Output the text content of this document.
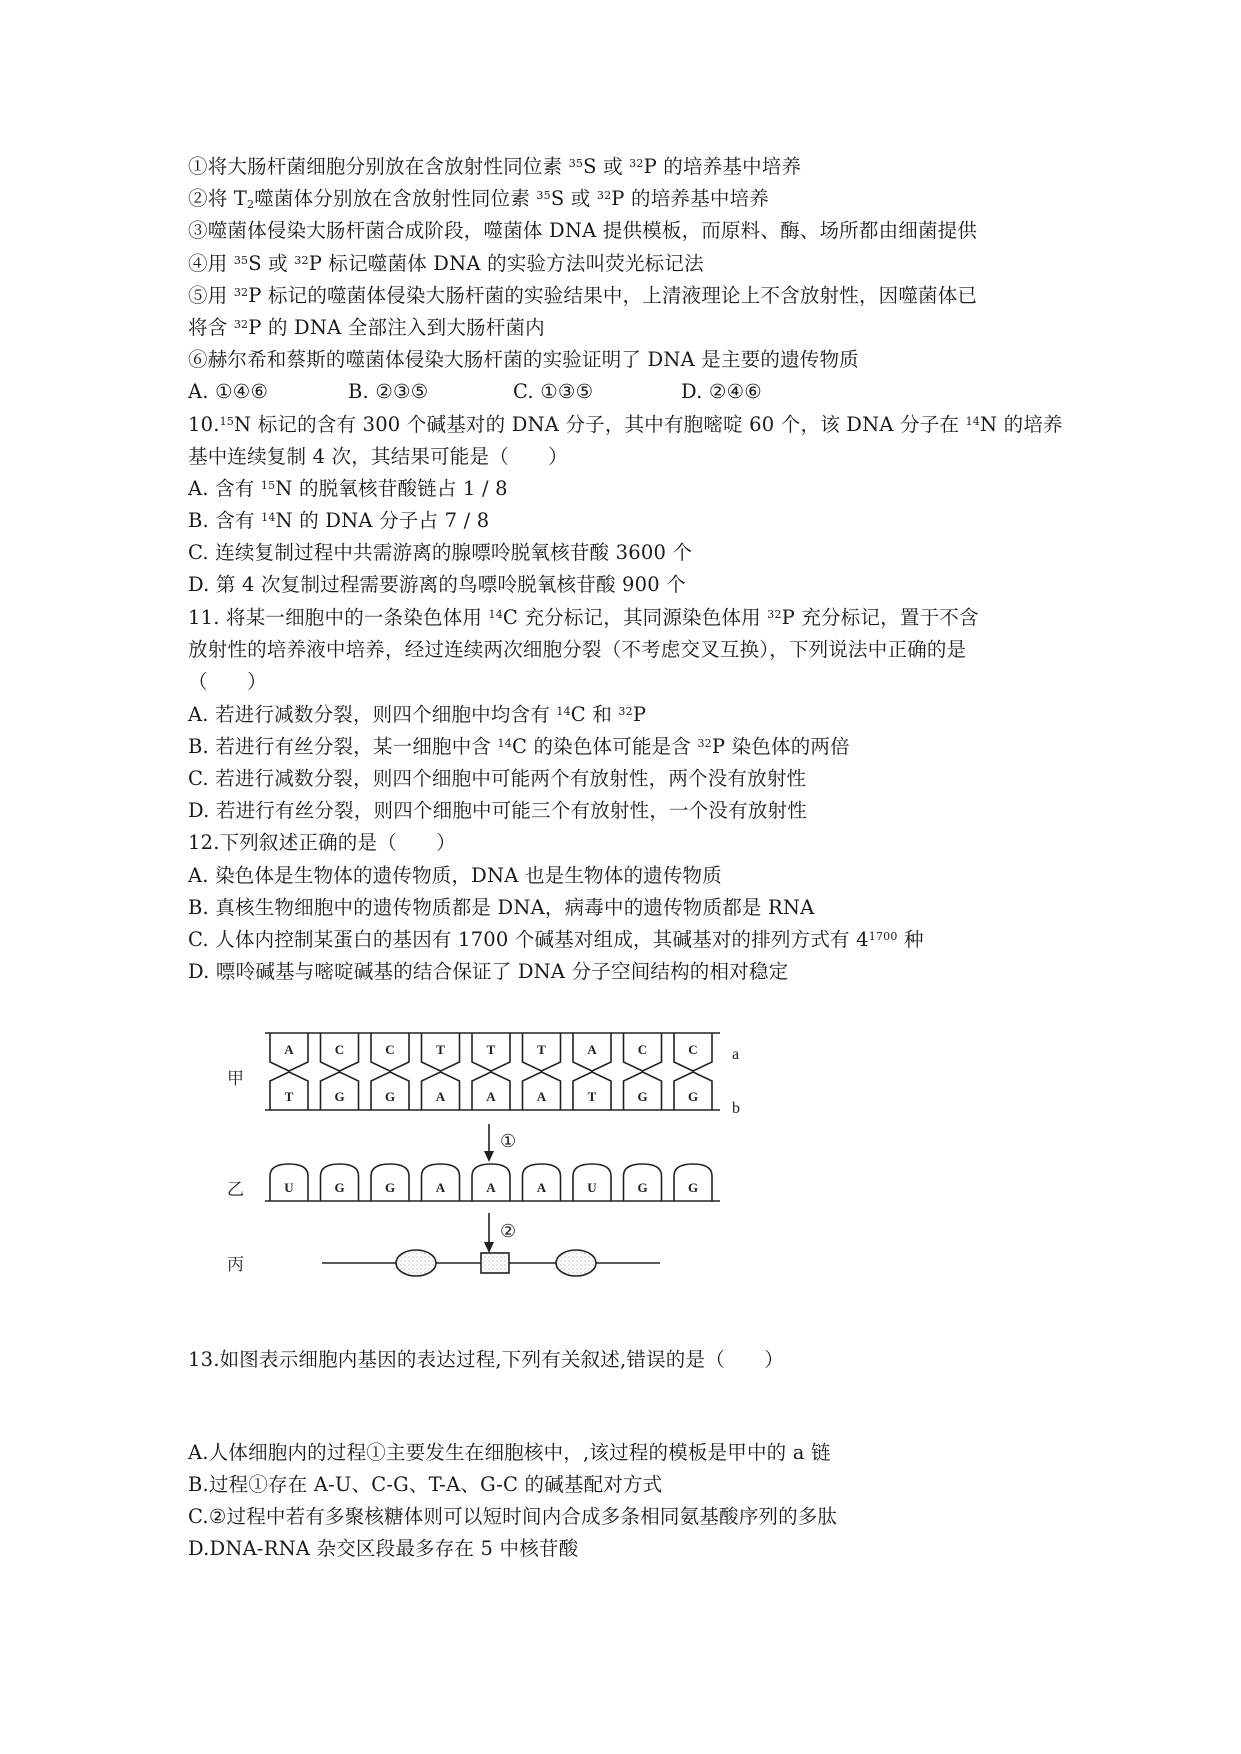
①将大肠杆菌细胞分别放在含放射性同位素 $^{35}$S 或 $^{32}$P 的培养基中培养
②将 $T_2$噬菌体分别放在含放射性同位素 $^{35}$S 或 $^{32}$P 的培养基中培养
③噬菌体侵染大肠杆菌合成阶段，噬菌体 DNA 提供模板，而原料、酶、场所都由细菌提供
④用 $^{35}$S 或 $^{32}$P 标记噬菌体 DNA 的实验方法叫荧光标记法
⑤用 $^{32}$P 标记的噬菌体侵染大肠杆菌的实验结果中，上清液理论上不含放射性，因噬菌体已
将含 $^{32}$P 的 DNA 全部注入到大肠杆菌内
⑥赫尔希和蔡斯的噬菌体侵染大肠杆菌的实验证明了 DNA 是主要的遗传物质
A. ①④⑥	B. ②③⑤	C. ①③⑤	D. ②④⑥
10.15N 标记的含有 300 个碱基对的 DNA 分子，其中有胞嘧啶 60 个，该 DNA 分子在 $^{14}$N 的培养
基中连续复制 4 次，其结果可能是（　　）
A. 含有 $^{15}$N 的脱氧核苷酸链占 1 / 8
B. 含有 $^{14}$N 的 DNA 分子占 7 / 8
C. 连续复制过程中共需游离的腺嘌呤脱氧核苷酸 3600 个
D. 第 4 次复制过程需要游离的鸟嘌呤脱氧核苷酸 900 个
11. 将某一细胞中的一条染色体用 $^{14}$C 充分标记，其同源染色体用 $^{32}$P 充分标记，置于不含
放射性的培养液中培养，经过连续两次细胞分裂（不考虑交叉互换），下列说法中正确的是
（　　）
A. 若进行减数分裂，则四个细胞中均含有 $^{14}$C 和 $^{32}$P
B. 若进行有丝分裂，某一细胞中含 $^{14}$C 的染色体可能是含 $^{32}$P 染色体的两倍
C. 若进行减数分裂，则四个细胞中可能两个有放射性，两个没有放射性
D. 若进行有丝分裂，则四个细胞中可能三个有放射性，一个没有放射性
12.下列叙述正确的是（　　）
A. 染色体是生物体的遗传物质，DNA 也是生物体的遗传物质
B. 真核生物细胞中的遗传物质都是 DNA，病毒中的遗传物质都是 RNA
C. 人体内控制某蛋白的基因有 1700 个碱基对组成，其碱基对的排列方式有 $4^{1700}$ 种
D. 嘌呤碱基与嘧啶碱基的结合保证了 DNA 分子空间结构的相对稳定
13.如图表示细胞内基因的表达过程,下列有关叙述,错误的是（　　）
A.人体细胞内的过程①主要发生在细胞核中，,该过程的模板是甲中的 a 链
B.过程①存在 A-U、C-G、T-A、G-C 的碱基配对方式
C.②过程中若有多聚核糖体则可以短时间内合成多条相同氨基酸序列的多肽
D.DNA-RNA 杂交区段最多存在 5 中核苷酸
A	C	C	T	T	T	A	C	C
T	G	G	A	A	A	T	G	G
U	G	G	A	A	A	U	G	G
甲
乙
丙
a
b
①
②
